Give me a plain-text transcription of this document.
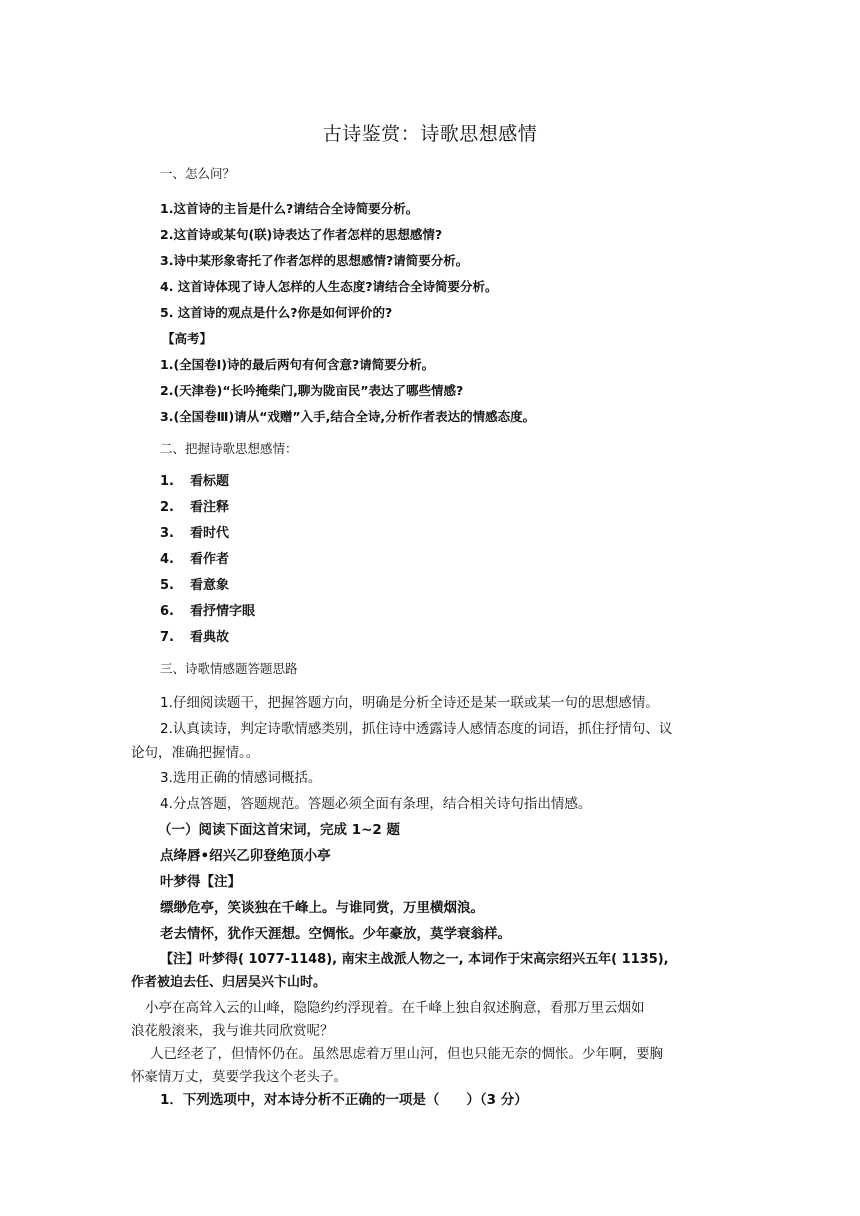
古诗鉴赏：诗歌思想感情
一、怎么问？
1.这首诗的主旨是什么?请结合全诗简要分析。
2.这首诗或某句(联)诗表达了作者怎样的思想感情?
3.诗中某形象寄托了作者怎样的思想感情?请简要分析。
4. 这首诗体现了诗人怎样的人生态度?请结合全诗简要分析。
5. 这首诗的观点是什么?你是如何评价的?
【高考】
1.(全国卷Ⅰ)诗的最后两句有何含意?请简要分析。
2.(天津卷)“长吟掩柴门,聊为陇亩民”表达了哪些情感?
3.(全国卷Ⅲ)请从“戏赠”入手,结合全诗,分析作者表达的情感态度。
二、把握诗歌思想感情：
1. 看标题
2. 看注释
3. 看时代
4. 看作者
5. 看意象
6. 看抒情字眼
7. 看典故
三、诗歌情感题答题思路
1.仔细阅读题干，把握答题方向，明确是分析全诗还是某一联或某一句的思想感情。
2.认真读诗，判定诗歌情感类别，抓住诗中透露诗人感情态度的词语，抓住抒情句、议
论句，准确把握情。。
3.选用正确的情感词概括。
4.分点答题，答题规范。答题必须全面有条理，结合相关诗句指出情感。
（一）阅读下面这首宋词，完成 1~2 题
点绛唇•绍兴乙卯登绝顶小亭
叶梦得【注】
缥缈危亭，笑谈独在千峰上。与谁同赏，万里横烟浪。
老去情怀，犹作天涯想。空惆怅。少年豪放，莫学衰翁样。
【注】叶梦得( 1077-1148), 南宋主战派人物之一, 本词作于宋高宗绍兴五年( 1135),
作者被迫去任、归居吴兴卞山时。
小亭在高耸入云的山峰，隐隐约约浮现着。在千峰上独自叙述胸意，看那万里云烟如
浪花般滚来，我与谁共同欣赏呢？
人已经老了，但情怀仍在。虽然思虑着万里山河，但也只能无奈的惆怅。少年啊，要胸
怀豪情万丈，莫要学我这个老头子。
1．下列选项中，对本诗分析不正确的一项是（　　）（3 分）
